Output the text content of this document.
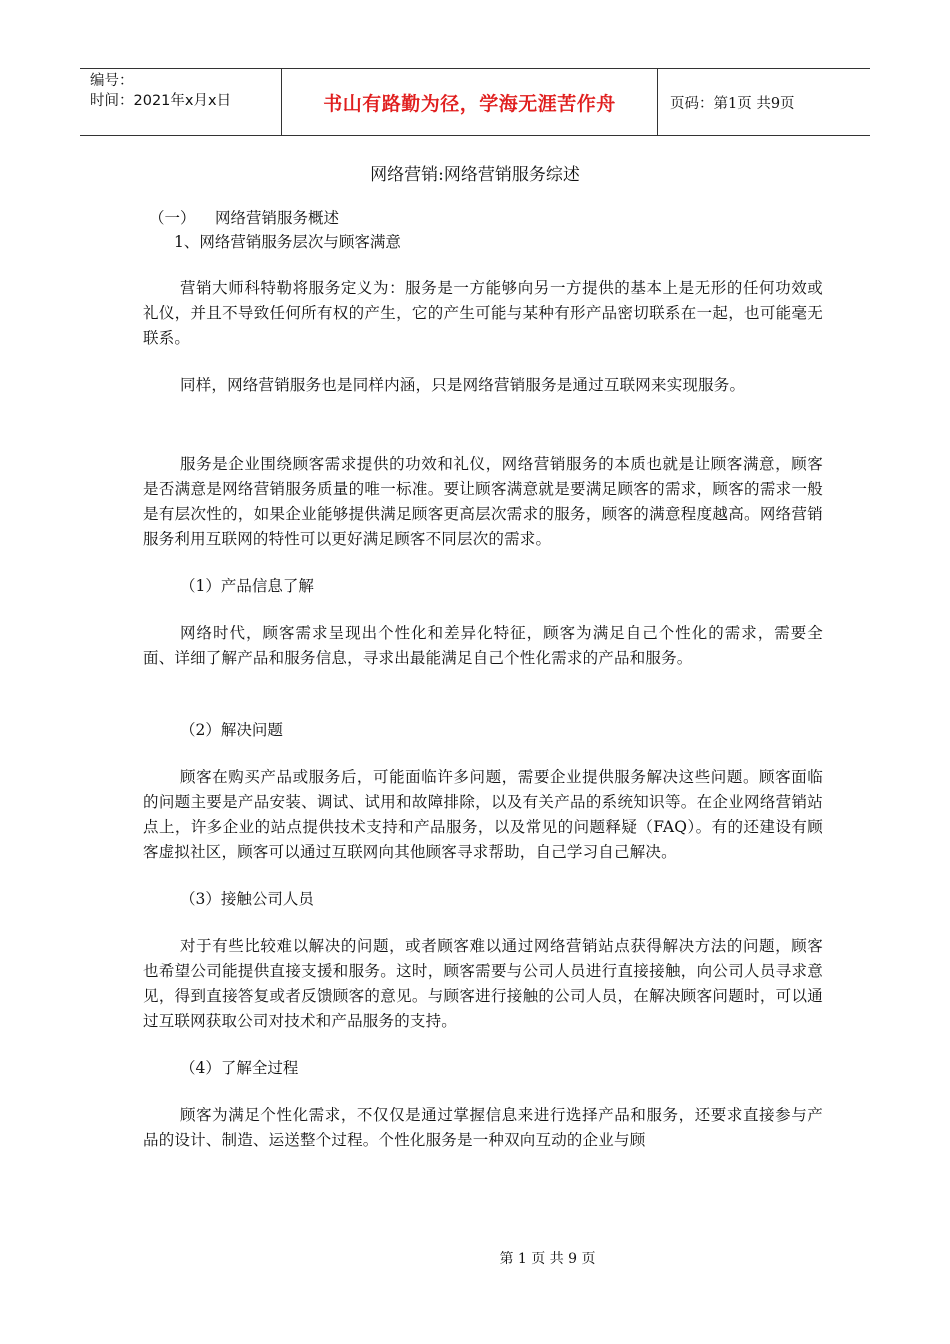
编号：
时间：2021年x月x日	书山有路勤为径，学海无涯苦作舟	页码：第1页 共9页
网络营销:网络营销服务综述
（一） 网络营销服务概述
1、网络营销服务层次与顾客满意

营销大师科特勒将服务定义为：服务是一方能够向另一方提供的基本上是无形的任何功效或礼仪，并且不导致任何所有权的产生，它的产生可能与某种有形产品密切联系在一起，也可能毫无联系。

同样，网络营销服务也是同样内涵，只是网络营销服务是通过互联网来实现服务。

服务是企业围绕顾客需求提供的功效和礼仪，网络营销服务的本质也就是让顾客满意，顾客是否满意是网络营销服务质量的唯一标准。要让顾客满意就是要满足顾客的需求，顾客的需求一般是有层次性的，如果企业能够提供满足顾客更高层次需求的服务，顾客的满意程度越高。网络营销服务利用互联网的特性可以更好满足顾客不同层次的需求。

（1）产品信息了解

网络时代，顾客需求呈现出个性化和差异化特征，顾客为满足自己个性化的需求，需要全面、详细了解产品和服务信息，寻求出最能满足自己个性化需求的产品和服务。

（2）解决问题

顾客在购买产品或服务后，可能面临许多问题，需要企业提供服务解决这些问题。顾客面临的问题主要是产品安装、调试、试用和故障排除，以及有关产品的系统知识等。在企业网络营销站点上，许多企业的站点提供技术支持和产品服务，以及常见的问题释疑（FAQ）。有的还建设有顾客虚拟社区，顾客可以通过互联网向其他顾客寻求帮助，自己学习自己解决。

（3）接触公司人员

对于有些比较难以解决的问题，或者顾客难以通过网络营销站点获得解决方法的问题，顾客也希望公司能提供直接支援和服务。这时，顾客需要与公司人员进行直接接触，向公司人员寻求意见，得到直接答复或者反馈顾客的意见。与顾客进行接触的公司人员，在解决顾客问题时，可以通过互联网获取公司对技术和产品服务的支持。

（4）了解全过程

顾客为满足个性化需求，不仅仅是通过掌握信息来进行选择产品和服务，还要求直接参与产品的设计、制造、运送整个过程。个性化服务是一种双向互动的企业与顾

第 1 页 共 9 页
